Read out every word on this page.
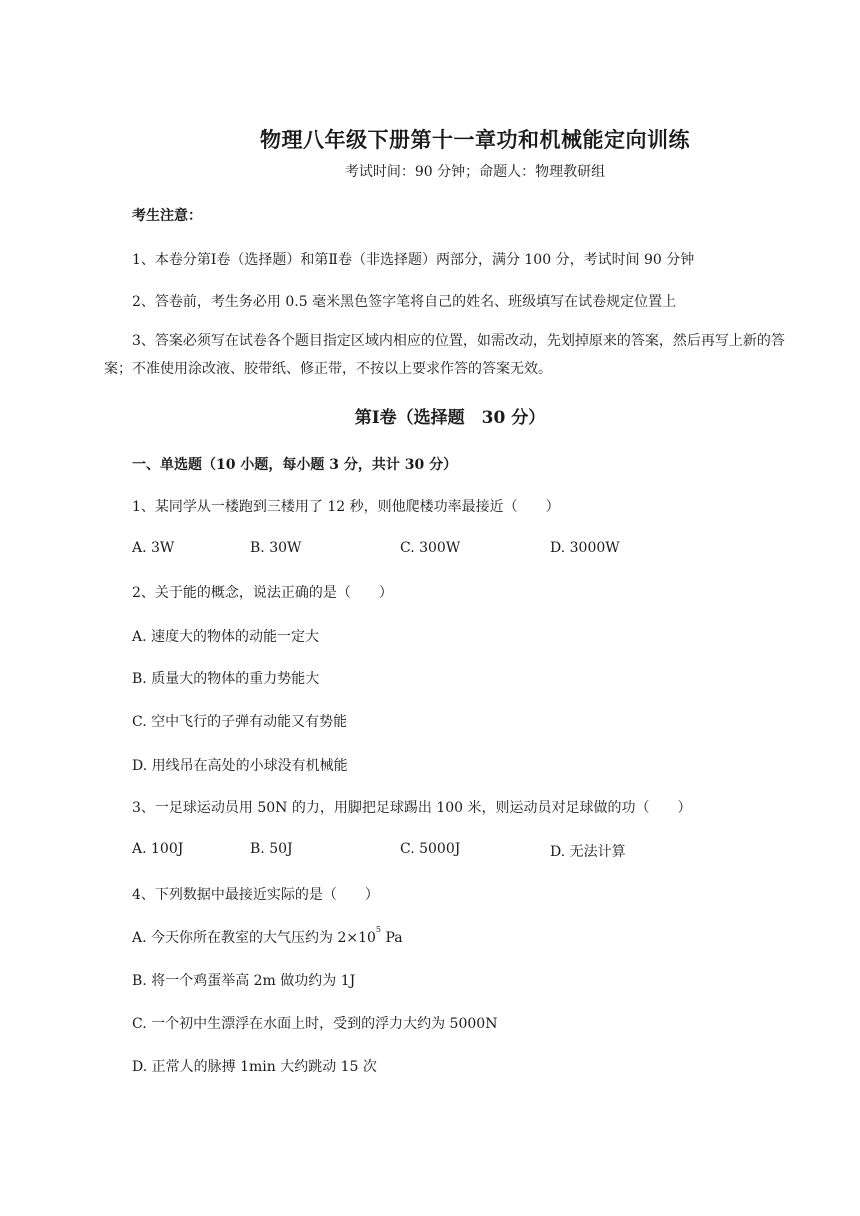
物理八年级下册第十一章功和机械能定向训练
考试时间：90 分钟；命题人：物理教研组
考生注意：
1、本卷分第Ⅰ卷（选择题）和第Ⅱ卷（非选择题）两部分，满分 100 分，考试时间 90 分钟
2、答卷前，考生务必用 0.5 毫米黑色签字笔将自己的姓名、班级填写在试卷规定位置上
3、答案必须写在试卷各个题目指定区域内相应的位置，如需改动，先划掉原来的答案，然后再写上新的答案；不准使用涂改液、胶带纸、修正带，不按以上要求作答的答案无效。
第Ⅰ卷（选择题　30 分）
一、单选题（10 小题，每小题 3 分，共计 30 分）
1、某同学从一楼跑到三楼用了 12 秒，则他爬楼功率最接近（　　）
A. 3W	B. 30W	C. 300W	D. 3000W
2、关于能的概念，说法正确的是（　　）
A. 速度大的物体的动能一定大
B. 质量大的物体的重力势能大
C. 空中飞行的子弹有动能又有势能
D. 用线吊在高处的小球没有机械能
3、一足球运动员用 50N 的力，用脚把足球踢出 100 米，则运动员对足球做的功（　　）
A. 100J	B. 50J	C. 5000J	D. 无法计算
4、下列数据中最接近实际的是（　　）
A. 今天你所在教室的大气压约为 $2\times 10^5$ Pa
B. 将一个鸡蛋举高 2m 做功约为 1J
C. 一个初中生漂浮在水面上时，受到的浮力大约为 5000N
D. 正常人的脉搏 1min 大约跳动 15 次
